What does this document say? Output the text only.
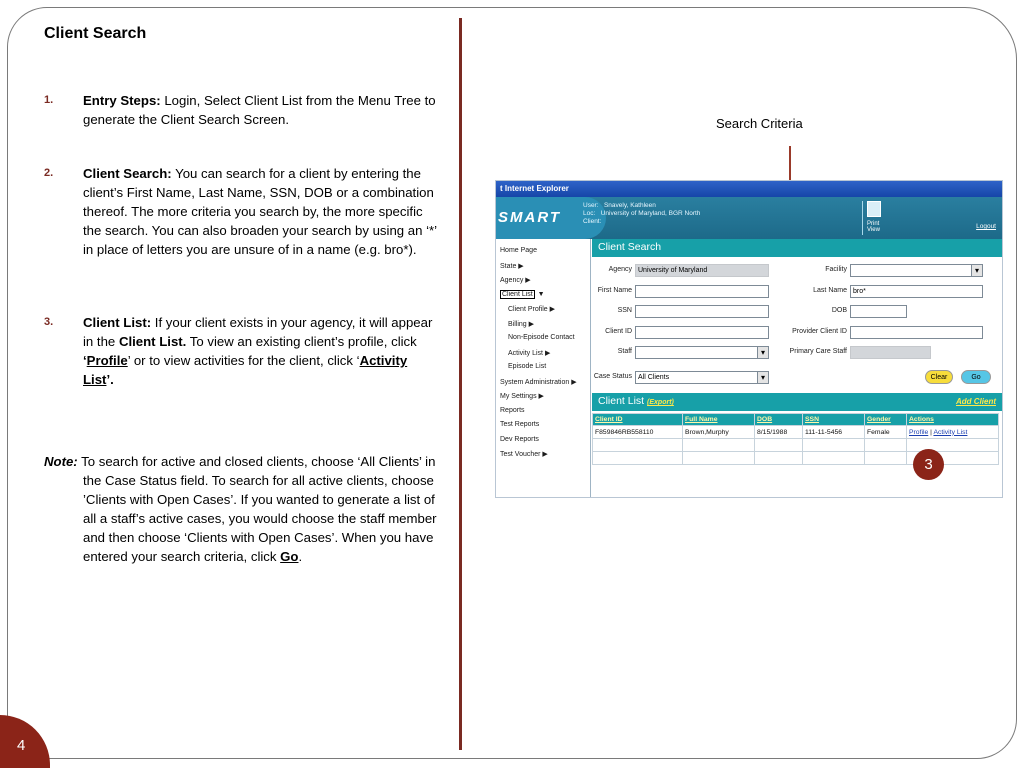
Client Search
1. Entry Steps: Login, Select Client List from the Menu Tree to generate the Client Search Screen.
2. Client Search: You can search for a client by entering the client’s First Name, Last Name, SSN, DOB or a combination thereof. The more criteria you search by, the more specific the search. You can also broaden your search by using an ‘*’ in place of letters you are unsure of in a name (e.g. bro*).
3. Client List: If your client exists in your agency, it will appear in the Client List. To view an existing client’s profile, click ‘Profile’ or to view activities for the client, click ‘Activity List’.
Note: To search for active and closed clients, choose ‘All Clients’ in the Case Status field. To search for all active clients, choose ’Clients with Open Cases’. If you wanted to generate a list of all a staff’s active cases, you would choose the staff member and then choose ‘Clients with Open Cases’. When you have entered your search criteria, click Go.
4
Search Criteria
t Internet Explorer
SMART
User: Snavely, Kathleen
Loc: University of Maryland, BGR North
Client:	Print View	Logout
Home Page
State ▶
Agency ▶
Client List ▼
Client Profile ▶
Billing ▶
Non-Episode Contact
Activity List ▶
Episode List
System Administration ▶
My Settings ▶
Reports
Test Reports
Dev Reports
Test Voucher ▶
Client Search
Agency University of Maryland	Facility
▾
First Name	Last Name bro*
SSN	DOB
Client ID	Provider Client ID
Staff ▾	Primary Care Staff
Case Status All Clients ▾	Clear	Go
Client List (Export)	Add Client
Client ID	Full Name	DOB	SSN	Gender	Actions
F859846RB558110	Brown,Murphy	8/15/1988	111-11-5456	Female	Profile | Activity List

3
